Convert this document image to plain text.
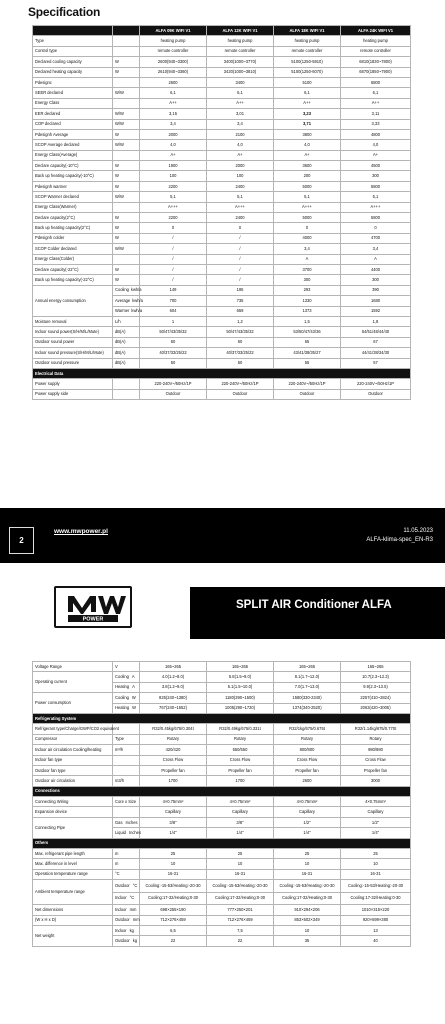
Specification
		ALFA 09K WIFI V1	ALFA 12K WIFI V1	ALFA 18K WIFI V1	ALFA 24K WIFI V1
Type		heating pump	heating pump	heating pump	heating pump
Control type		remote controller	remote controller	remote controller	remote controller
Declared cooling capacity	W	2600(940~3300)	3400(1000~3770)	5100(1250-5910)	6810(1830~7800)
Declared heating capacity	W	2610(940~3360)	3420(1000~3810)	5100(1250-6070)	6870(1850~7900)
Pdesignc		2600	3400	5100	6800
SEER declared	W/W	6,1	6,1	6,1	6,1
Energy Class		A++	A++	A++	A++
EER declared	W/W	3,15	3,01	3,23	3,11
COP declared	W/W	3,4	3,4	3,71	3,33
Pdesignh Average	W	2000	2100	3800	4800
SCOP Average declared	W/W	4,0	4,0	4,0	4,0
Energy Class(Average)		A+	A+	A+	A+
Declare capacity(-10°C)	W	1900	2000	3600	4500
Back up heating capacity(-10°C)	W	100	100	200	300
Pdesignh warmer	W	2200	2400	5000	5800
SCOP Warmer declared	W/W	5,1	5,1	5,1	5,1
Energy Class(Warmer)		A+++	A+++	A+++	A+++
Declare capacity(2°C)	W	2200	2400	5000	5800
Back up heating capacity(2°C)	W	0	0	0	0
Pdesignh colder	W	/	/	4000	4700
SCOP Colder declared	W/W	/	/	3,4	3,4
Energy Class(Colder)		/	/	A	A
Declare capacity(-22°C)	W	/	/	3700	4400
Back up heating capacity(-22°C)	W	/	/	300	300
Annual energy consumption	Cooling kwh/a	149	195	293	390
	Average kwh/a	700	735	1330	1680
	Warmer kwh/a	604	659	1373	1592
Moisture removal	L/h	1	1,2	1,5	1,8
Indoor sound power(S/H/M/L/Mute)	dB(A)	50/47/43/35/32	50/47/43/35/32	53/50/47/43/36	54/51/48/44/40
Outdoor sound power	dB(A)	60	60	65	67
Indoor sound pressure(S/H/M/L/Mute)	dB(A)	40/37/33/25/22	40/37/33/25/22	43/41/38/35/27	44/41/38/34/30
Outdoor sound pressure	dB(A)	50	50	55	57
Electrical Data					
Power supply		220-240V~/50Hz/1P	220-240V~/50Hz/1P	220-240V~/50Hz/1P	220-240V~/50Hz/1P
Power supply side		Outdoor	Outdoor	Outdoor	Outdoor
2
www.mwpower.pl	11.05.2023
ALFA-klima-spec_EN-R3
POWER
SPLIT AIR Conditioner ALFA
Voltage Range	V	165~265	165~265	165~265	165~265
Operating current	Cooling A	4.0(1.2~8.0)	5.8(1.5~9.0)	8.1(1.7~12.0)	10.7(2.3~12.3)
	Heating A	3.8(1.2~9.0)	5.1(1.5~10.0)	7.0(1.7~13.0)	9.9(2.3~13.5)
Power consumption	Cooling W	825(240~1380)	1180(290~1500)	1580(330-2340)	2257(410~2824)
	Heating W	767(240~1552)	1005(290~1720)	1374(340-2520)	2063(420~3005)
Refrigerating System					
Refrigerant type/Charge/GWP/CO2 equivalent		R32/0.45kg/675/0.304t	R32/0.49kg/675/0.331t	R32/1kg/675/0.675t	R32/1.14kg/675/0.770t
Compressor	Type	Rotary	Rotary	Rotary	Rotary
Indoor air circulation Cooling/heating	m³/h	420/420	550/550	800/800	980/980
Indoor fan type		Cross Flow	Cross Flow	Cross Flow	Cross Flow
Outdoor fan type		Propeller fan	Propeller fan	Propeller fan	Propeller fan
Outdoor air circulation	m3/h	1700	1700	2600	3000
Connections					
Connecting Wiring	Core x Size	4×0.75mm²	4×0.75mm²	4×0.75mm²	4×0.75mm²
Expansion device		Capillary	Capillary	Capillary	Capillary
Connecting Pipe	Gas Inches	3/8"	3/8"	1/2"	1/2"
	Liquid Inches	1/4"	1/4"	1/4"	1/4"
Others					
Max. refrigerant pipe length	m	25	25	25	25
Max. difference in level	m	10	10	10	10
Operation temperature range	°C	16-31	16-31	16-31	16-31
Ambient temperature range	Outdoor °C	Cooling:-15-53/Heating:-20-30	Cooling:-15-53/Heating:-20-30	Cooling:-15-53/Heating:-20-30	Cooling:-15-53/Heating:-20-30
	Indoor °C	Cooling:17-32/Heating:0-30	Cooling:17-32/Heating:0-30	Cooling:17-32/Heating:0-30	Cooling:17-32/Heating:0-30
Net dimensions	Indoor mm	698×255×190	777×250×201	910×294×206	1010×315×220
(W x H x D)	Outdoor mm	712×276×459	712×276×459	853×602×349	920×699×380
Net weight	Indoor kg	6,5	7,5	10	13
	Outdoor kg	22	22	35	40
